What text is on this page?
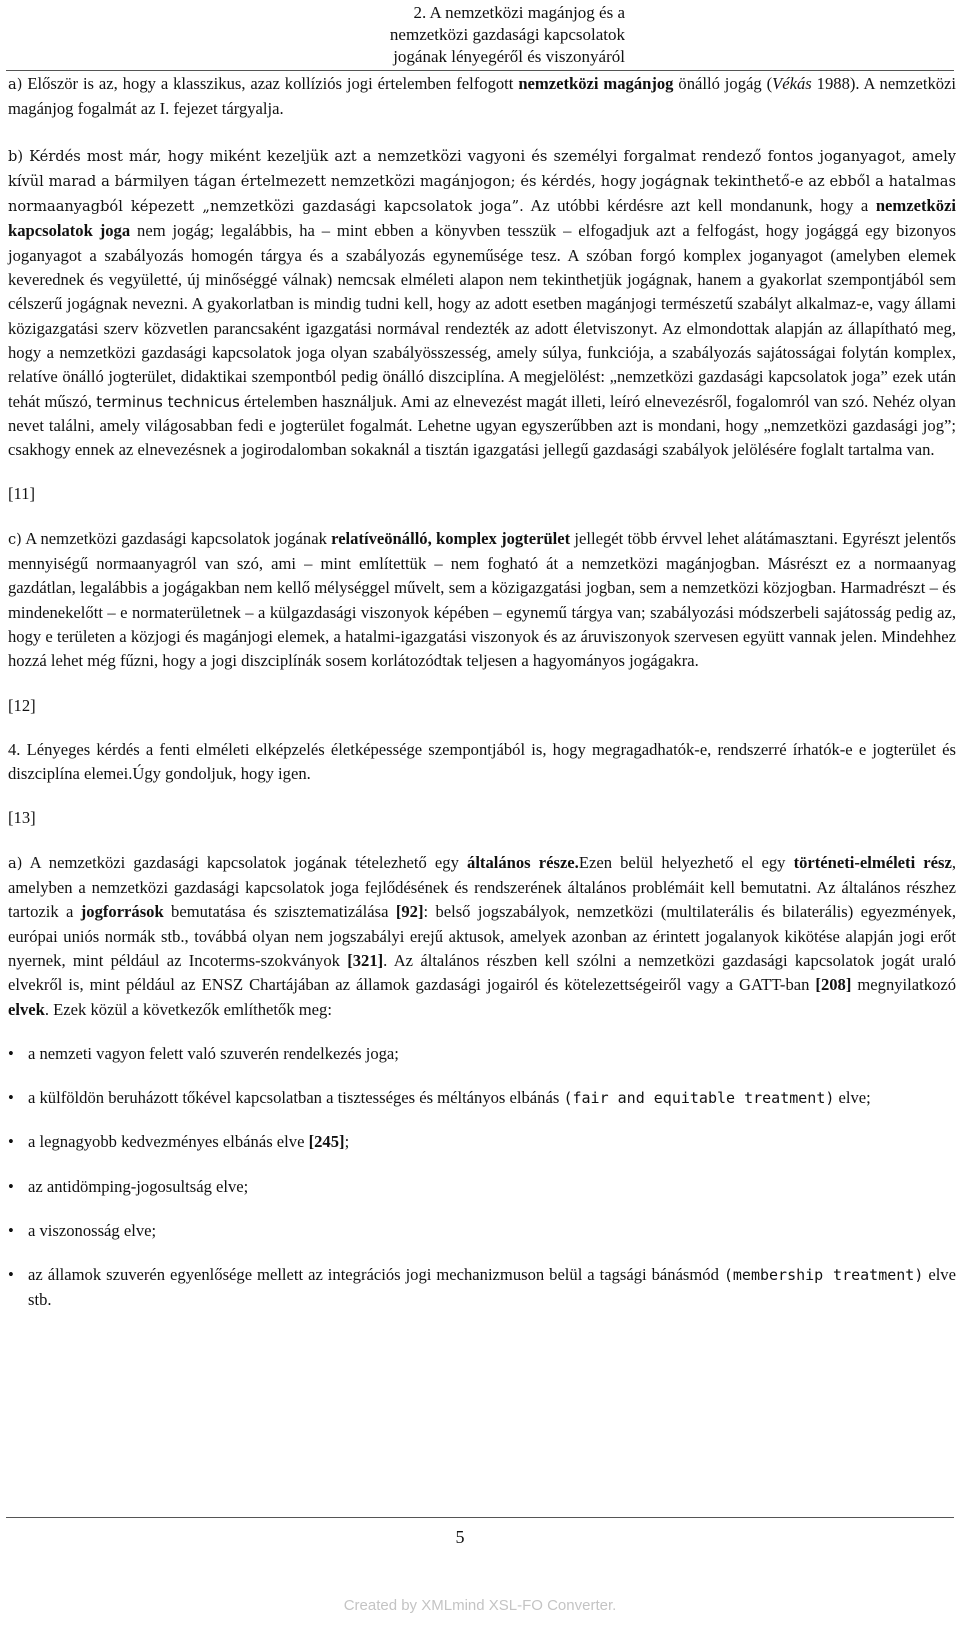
2. A nemzetközi magánjog és a
nemzetközi gazdasági kapcsolatok
jogának lényegéről és viszonyáról

a) Először is az, hogy a klasszikus, azaz kollíziós jogi értelemben felfogott nemzetközi magánjog önálló jogág (Vékás 1988). A nemzetközi magánjog fogalmát az I. fejezet tárgyalja.

b) Kérdés most már, hogy miként kezeljük azt a nemzetközi vagyoni és személyi forgalmat rendező fontos joganyagot, amely kívül marad a bármilyen tágan értelmezett nemzetközi magánjogon; és kérdés, hogy jogágnak tekinthető-e az ebből a hatalmas normaanyagból képezett „nemzetközi gazdasági kapcsolatok joga”. Az utóbbi kérdésre azt kell mondanunk, hogy a nemzetközi kapcsolatok joga nem jogág; legalábbis, ha – mint ebben a könyvben tesszük – elfogadjuk azt a felfogást, hogy jogággá egy bizonyos joganyagot a szabályozás homogén tárgya és a szabályozás egyneműsége tesz. A szóban forgó komplex joganyagot (amelyben elemek keverednek és vegyületté, új minőséggé válnak) nemcsak elméleti alapon nem tekinthetjük jogágnak, hanem a gyakorlat szempontjából sem célszerű jogágnak nevezni. A gyakorlatban is mindig tudni kell, hogy az adott esetben magánjogi természetű szabályt alkalmaz-e, vagy állami közigazgatási szerv közvetlen parancsaként igazgatási normával rendezték az adott életviszonyt. Az elmondottak alapján az állapítható meg, hogy a nemzetközi gazdasági kapcsolatok joga olyan szabályösszesség, amely súlya, funkciója, a szabályozás sajátosságai folytán komplex, relatíve önálló jogterület, didaktikai szempontból pedig önálló diszciplína. A megjelölést: „nemzetközi gazdasági kapcsolatok joga” ezek után tehát műszó, terminus technicus értelemben használjuk. Ami az elnevezést magát illeti, leíró elnevezésről, fogalomról van szó. Nehéz olyan nevet találni, amely világosabban fedi e jogterület fogalmát. Lehetne ugyan egyszerűbben azt is mondani, hogy „nemzetközi gazdasági jog”; csakhogy ennek az elnevezésnek a jogirodalomban sokaknál a tisztán igazgatási jellegű gazdasági szabályok jelölésére foglalt tartalma van.

[11]

c) A nemzetközi gazdasági kapcsolatok jogának relatíveönálló, komplex jogterület jellegét több érvvel lehet alátámasztani. Egyrészt jelentős mennyiségű normaanyagról van szó, ami – mint említettük – nem fogható át a nemzetközi magánjogban. Másrészt ez a normaanyag gazdátlan, legalábbis a jogágakban nem kellő mélységgel művelt, sem a közigazgatási jogban, sem a nemzetközi közjogban. Harmadrészt – és mindenekelőtt – e normaterületnek – a külgazdasági viszonyok képében – egynemű tárgya van; szabályozási módszerbeli sajátosság pedig az, hogy e területen a közjogi és magánjogi elemek, a hatalmi-igazgatási viszonyok és az áruviszonyok szervesen együtt vannak jelen. Mindehhez hozzá lehet még fűzni, hogy a jogi diszciplínák sosem korlátozódtak teljesen a hagyományos jogágakra.

[12]

4. Lényeges kérdés a fenti elméleti elképzelés életképessége szempontjából is, hogy megragadhatók-e, rendszerré írhatók-e e jogterület és diszciplína elemei.Úgy gondoljuk, hogy igen.

[13]

a) A nemzetközi gazdasági kapcsolatok jogának tételezhető egy általános része.Ezen belül helyezhető el egy történeti-elméleti rész, amelyben a nemzetközi gazdasági kapcsolatok joga fejlődésének és rendszerének általános problémáit kell bemutatni. Az általános részhez tartozik a jogforrások bemutatása és szisztematizálása [92]: belső jogszabályok, nemzetközi (multilaterális és bilaterális) egyezmények, európai uniós normák stb., továbbá olyan nem jogszabályi erejű aktusok, amelyek azonban az érintett jogalanyok kikötése alapján jogi erőt nyernek, mint például az Incoterms-szokványok [321]. Az általános részben kell szólni a nemzetközi gazdasági kapcsolatok jogát uraló elvekről is, mint például az ENSZ Chartájában az államok gazdasági jogairól és kötelezettségeiről vagy a GATT-ban [208] megnyilatkozó elvek. Ezek közül a következők említhetők meg:

• a nemzeti vagyon felett való szuverén rendelkezés joga;
• a külföldön beruházott tőkével kapcsolatban a tisztességes és méltányos elbánás (fair and equitable treatment) elve;
• a legnagyobb kedvezményes elbánás elve [245];
• az antidömping-jogosultság elve;
• a viszonosság elve;
• az államok szuverén egyenlősége mellett az integrációs jogi mechanizmuson belül a tagsági bánásmód (membership treatment) elve stb.
5
Created by XMLmind XSL-FO Converter.
